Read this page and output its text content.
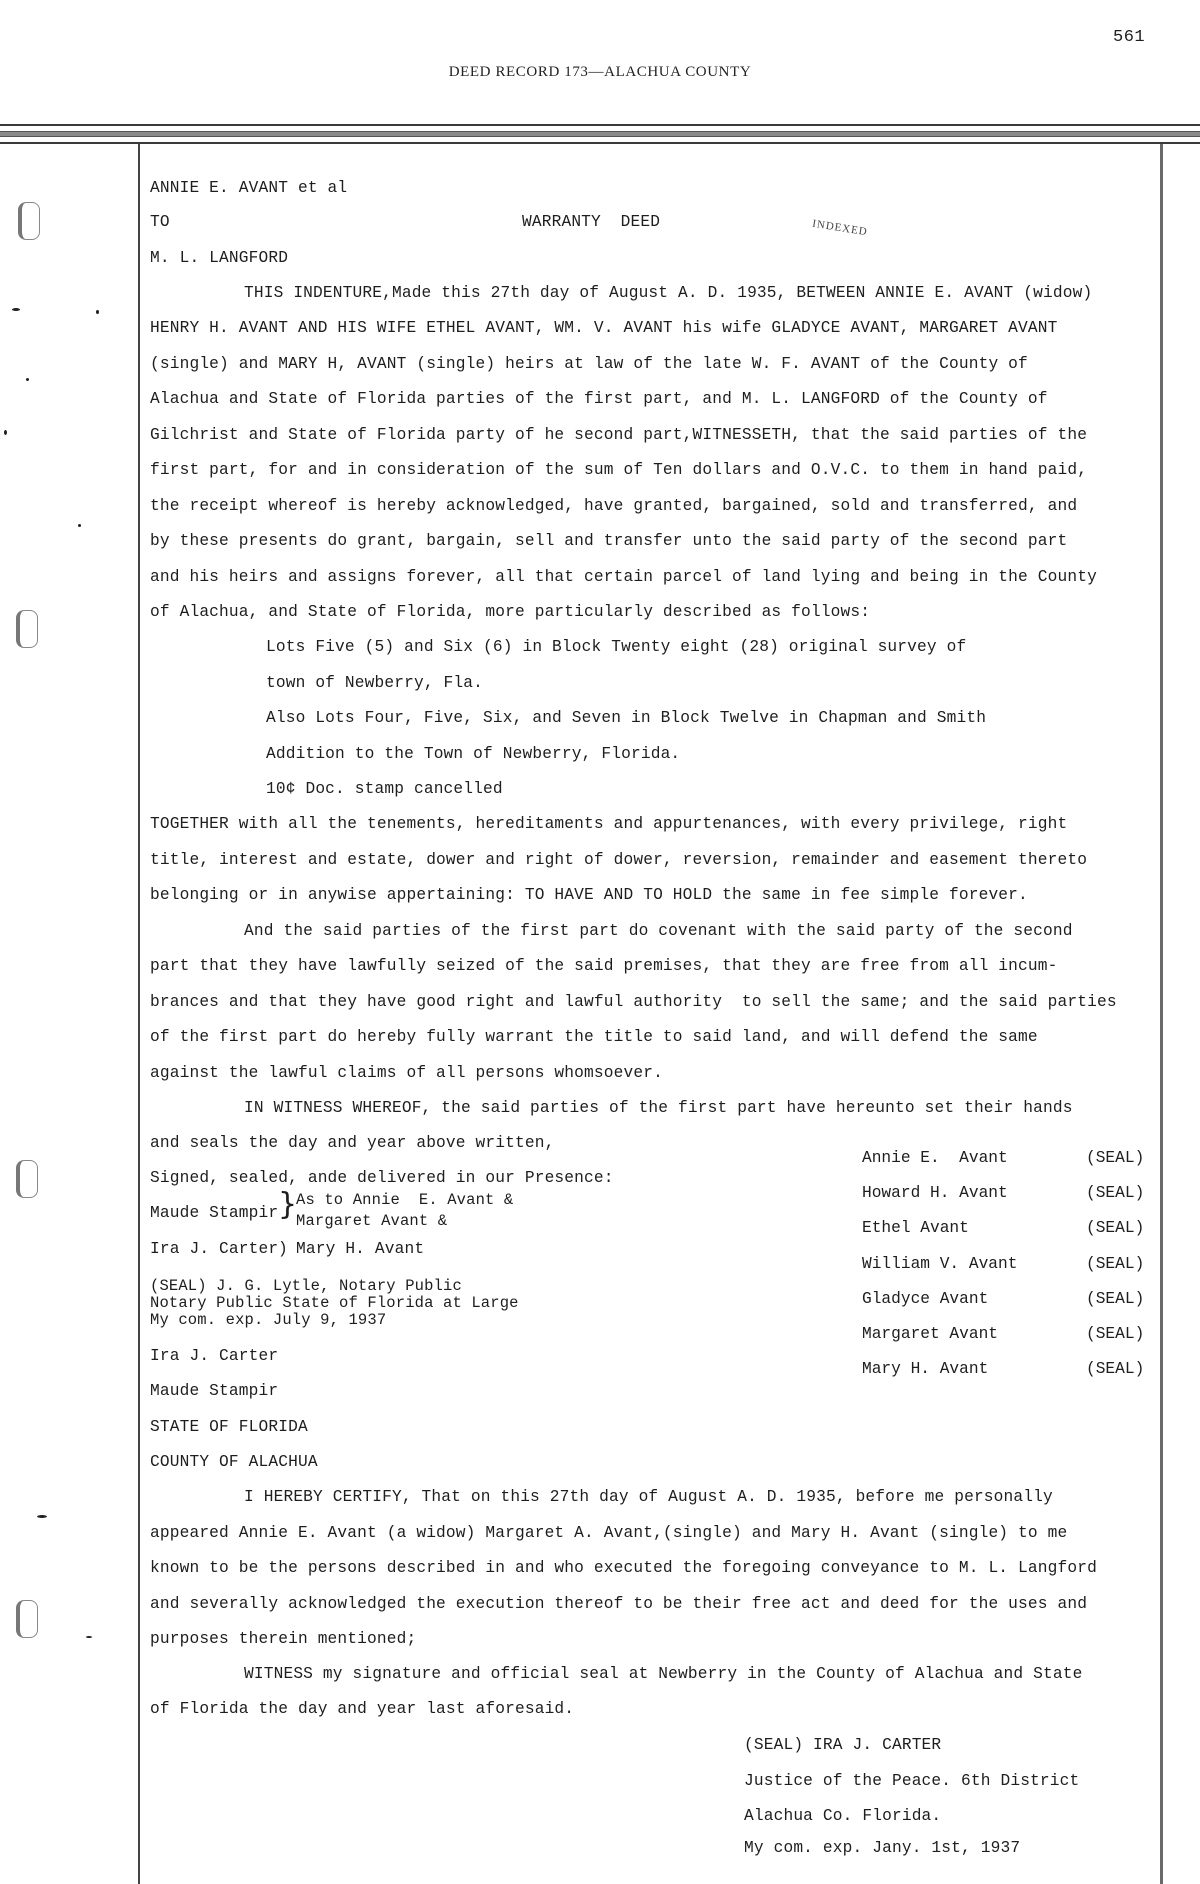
561
DEED RECORD 173—ALACHUA COUNTY
INDEXED
ANNIE E. AVANT et al
TO	WARRANTY  DEED
M. L. LANGFORD
THIS INDENTURE,Made this 27th day of August A. D. 1935, BETWEEN ANNIE E. AVANT (widow)
HENRY H. AVANT AND HIS WIFE ETHEL AVANT, WM. V. AVANT his wife GLADYCE AVANT, MARGARET AVANT
(single) and MARY H, AVANT (single) heirs at law of the late W. F. AVANT of the County of
Alachua and State of Florida parties of the first part, and M. L. LANGFORD of the County of
Gilchrist and State of Florida party of he second part,WITNESSETH, that the said parties of the
first part, for and in consideration of the sum of Ten dollars and O.V.C. to them in hand paid,
the receipt whereof is hereby acknowledged, have granted, bargained, sold and transferred, and
by these presents do grant, bargain, sell and transfer unto the said party of the second part
and his heirs and assigns forever, all that certain parcel of land lying and being in the County
of Alachua, and State of Florida, more particularly described as follows:
Lots Five (5) and Six (6) in Block Twenty eight (28) original survey of
town of Newberry, Fla.
Also Lots Four, Five, Six, and Seven in Block Twelve in Chapman and Smith
Addition to the Town of Newberry, Florida.
10¢ Doc. stamp cancelled
TOGETHER with all the tenements, hereditaments and appurtenances, with every privilege, right
title, interest and estate, dower and right of dower, reversion, remainder and easement thereto
belonging or in anywise appertaining: TO HAVE AND TO HOLD the same in fee simple forever.
And the said parties of the first part do covenant with the said party of the second
part that they have lawfully seized of the said premises, that they are free from all incum-
brances and that they have good right and lawful authority  to sell the same; and the said parties
of the first part do hereby fully warrant the title to said land, and will defend the same
against the lawful claims of all persons whomsoever.
IN WITNESS WHEREOF, the said parties of the first part have hereunto set their hands
and seals the day and year above written,
Signed, sealed, ande delivered in our Presence:
Maude Stampir }
As to Annie  E. Avant &
Margaret Avant &
Ira J. Carter ) Mary H. Avant
(SEAL) J. G. Lytle, Notary Public
Notary Public State of Florida at Large
My com. exp. July 9, 1937
Annie E.  Avant	(SEAL)
Howard H. Avant	(SEAL)
Ethel Avant	(SEAL)
William V. Avant	(SEAL)
Gladyce Avant	(SEAL)
Margaret Avant	(SEAL)
Mary H. Avant	(SEAL)
Ira J. Carter
Maude Stampir
STATE OF FLORIDA
COUNTY OF ALACHUA
I HEREBY CERTIFY, That on this 27th day of August A. D. 1935, before me personally
appeared Annie E. Avant (a widow) Margaret A. Avant,(single) and Mary H. Avant (single) to me
known to be the persons described in and who executed the foregoing conveyance to M. L. Langford
and severally acknowledged the execution thereof to be their free act and deed for the uses and
purposes therein mentioned;
WITNESS my signature and official seal at Newberry in the County of Alachua and State
of Florida the day and year last aforesaid.
(SEAL) IRA J. CARTER
Justice of the Peace. 6th District
Alachua Co. Florida.
My com. exp. Jany. 1st, 1937
